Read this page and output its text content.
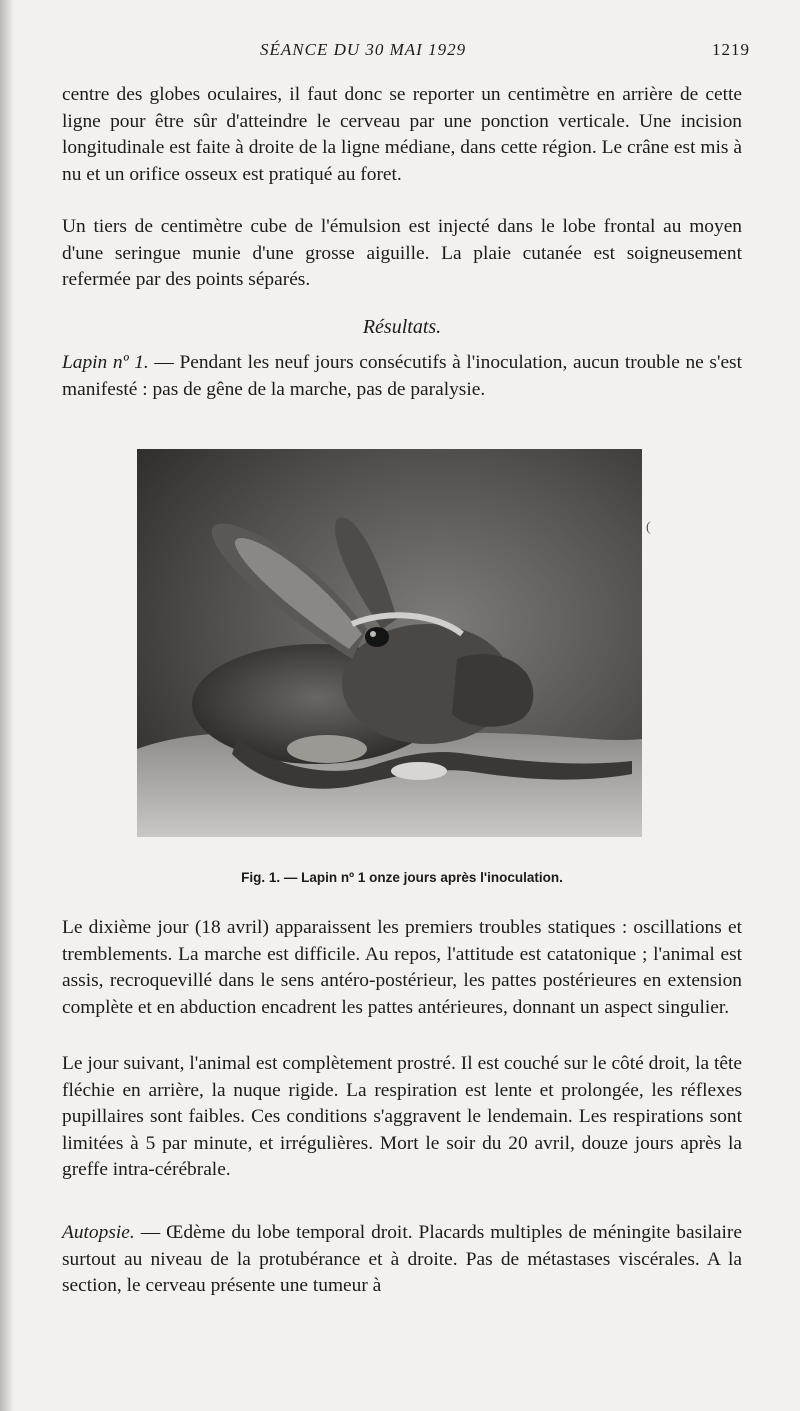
SÉANCE DU 30 MAI 1929	1219

centre des globes oculaires, il faut donc se reporter un centimètre en arrière de cette ligne pour être sûr d'atteindre le cerveau par une ponction verticale. Une incision longitudinale est faite à droite de la ligne médiane, dans cette région. Le crâne est mis à nu et un orifice osseux est pratiqué au foret.

Un tiers de centimètre cube de l'émulsion est injecté dans le lobe frontal au moyen d'une seringue munie d'une grosse aiguille. La plaie cutanée est soigneusement refermée par des points séparés.

Résultats.

Lapin nº 1. — Pendant les neuf jours consécutifs à l'inoculation, aucun trouble ne s'est manifesté : pas de gêne de la marche, pas de paralysie.

(
Fig. 1. — Lapin nº 1 onze jours après l'inoculation.

Le dixième jour (18 avril) apparaissent les premiers troubles statiques : oscillations et tremblements. La marche est difficile. Au repos, l'attitude est catatonique ; l'animal est assis, recroquevillé dans le sens antéro-postérieur, les pattes postérieures en extension complète et en abduction encadrent les pattes antérieures, donnant un aspect singulier.

Le jour suivant, l'animal est complètement prostré. Il est couché sur le côté droit, la tête fléchie en arrière, la nuque rigide. La respiration est lente et prolongée, les réflexes pupillaires sont faibles. Ces conditions s'aggravent le lendemain. Les respirations sont limitées à 5 par minute, et irrégulières. Mort le soir du 20 avril, douze jours après la greffe intra-cérébrale.

Autopsie. — Œdème du lobe temporal droit. Placards multiples de méningite basilaire surtout au niveau de la protubérance et à droite. Pas de métastases viscérales. A la section, le cerveau présente une tumeur à
